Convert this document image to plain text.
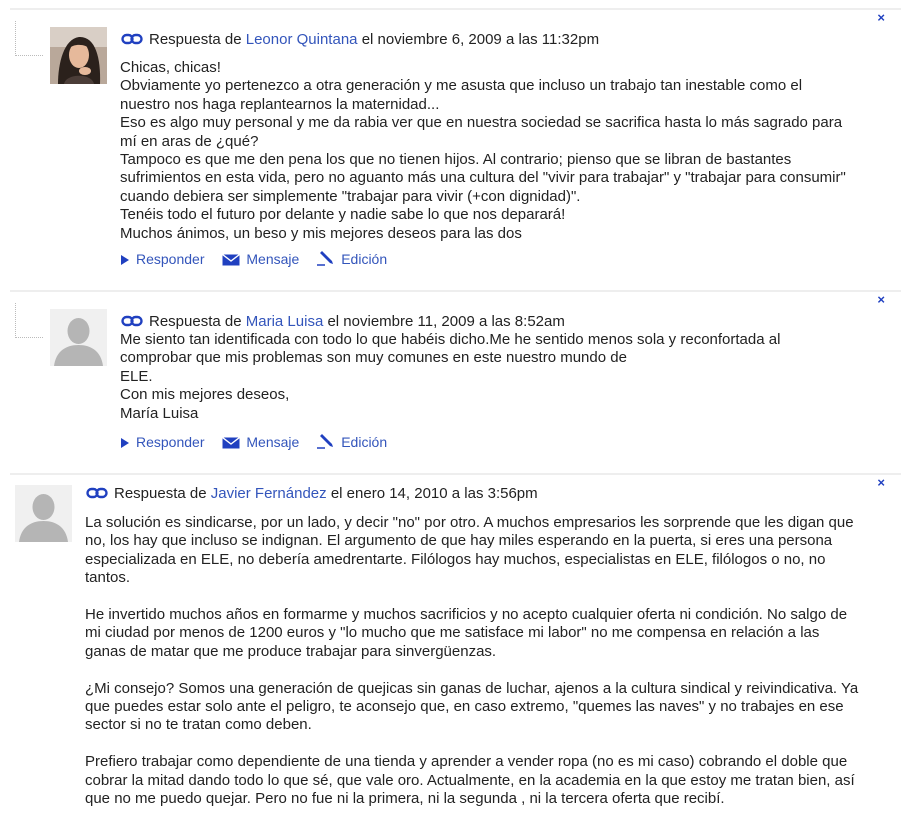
×
Respuesta de Leonor Quintana el noviembre 6, 2009 a las 11:32pm

Chicas, chicas!

Obviamente yo pertenezco a otra generación y me asusta que incluso un trabajo tan inestable como el nuestro nos haga replantearnos la maternidad...

Eso es algo muy personal y me da rabia ver que en nuestra sociedad se sacrifica hasta lo más sagrado para mí en aras de ¿qué?

Tampoco es que me den pena los que no tienen hijos. Al contrario; pienso que se libran de bastantes sufrimientos en esta vida, pero no aguanto más una cultura del "vivir para trabajar" y "trabajar para consumir" cuando debiera ser simplemente "trabajar para vivir (+con dignidad)".

Tenéis todo el futuro por delante y nadie sabe lo que nos deparará!

Muchos ánimos, un beso y mis mejores deseos para las dos

Responder	Mensaje	Edición
×
Respuesta de Maria Luisa el noviembre 11, 2009 a las 8:52am

Me siento tan identificada con todo lo que habéis dicho.Me he sentido menos sola y reconfortada al comprobar que mis problemas son muy comunes en este nuestro mundo de

ELE.

Con mis mejores deseos,

María Luisa

Responder	Mensaje	Edición
×
Respuesta de Javier Fernández el enero 14, 2010 a las 3:56pm

La solución es sindicarse, por un lado, y decir "no" por otro. A muchos empresarios les sorprende que les digan que no, los hay que incluso se indignan. El argumento de que hay miles esperando en la puerta, si eres una persona especializada en ELE, no debería amedrentarte. Filólogos hay muchos, especialistas en ELE, filólogos o no, no tantos.

He invertido muchos años en formarme y muchos sacrificios y no acepto cualquier oferta ni condición. No salgo de mi ciudad por menos de 1200 euros y "lo mucho que me satisface mi labor" no me compensa en relación a las ganas de matar que me produce trabajar para sinvergüenzas.

¿Mi consejo? Somos una generación de quejicas sin ganas de luchar, ajenos a la cultura sindical y reivindicativa. Ya que puedes estar solo ante el peligro, te aconsejo que, en caso extremo, "quemes las naves" y no trabajes en ese sector si no te tratan como deben.

Prefiero trabajar como dependiente de una tienda y aprender a vender ropa (no es mi caso) cobrando el doble que cobrar la mitad dando todo lo que sé, que vale oro. Actualmente, en la academia en la que estoy me tratan bien, así que no me puedo quejar. Pero no fue ni la primera, ni la segunda , ni la tercera oferta que recibí.
